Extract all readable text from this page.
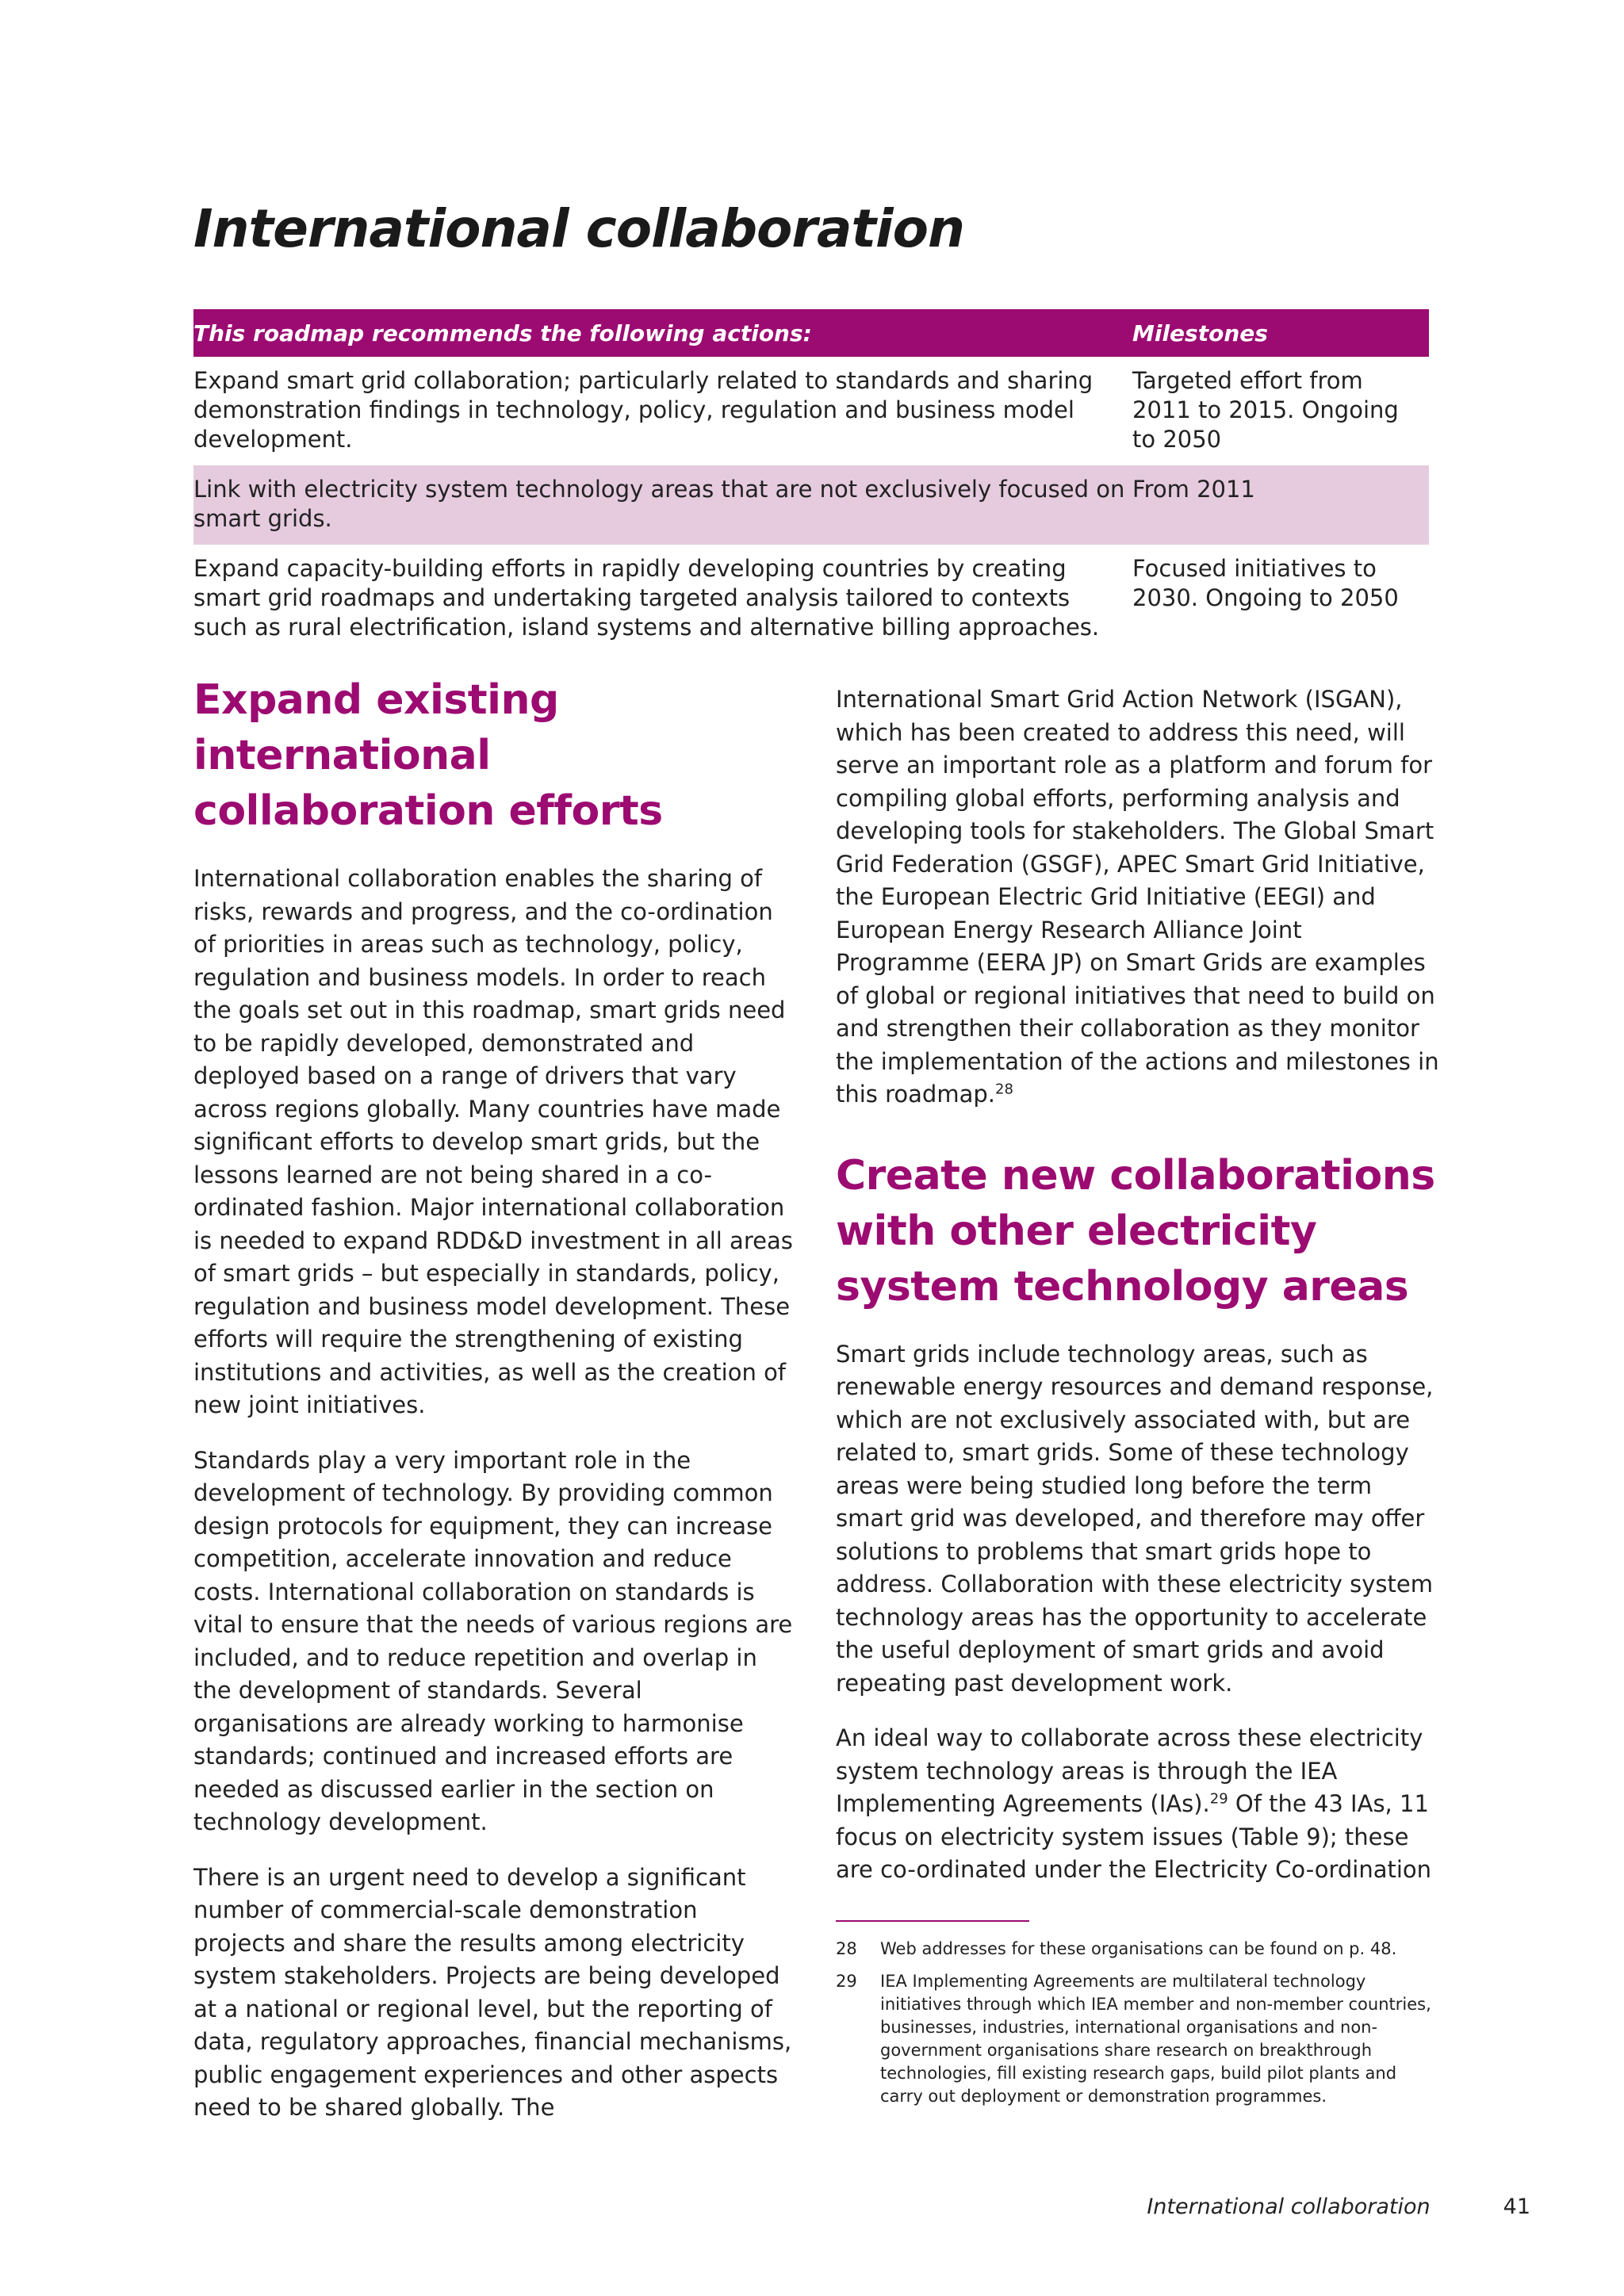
International collaboration
This roadmap recommends the following actions:	Milestones
Expand smart grid collaboration; particularly related to standards and sharing demonstration findings in technology, policy, regulation and business model development.	Targeted effort from 2011 to 2015. Ongoing to 2050
Link with electricity system technology areas that are not exclusively focused on smart grids.	From 2011
Expand capacity-building efforts in rapidly developing countries by creating smart grid roadmaps and undertaking targeted analysis tailored to contexts such as rural electrification, island systems and alternative billing approaches.	Focused initiatives to 2030. Ongoing to 2050
Expand existing international collaboration efforts

International collaboration enables the sharing of risks, rewards and progress, and the co-ordination of priorities in areas such as technology, policy, regulation and business models. In order to reach the goals set out in this roadmap, smart grids need to be rapidly developed, demonstrated and deployed based on a range of drivers that vary across regions globally. Many countries have made significant efforts to develop smart grids, but the lessons learned are not being shared in a co-ordinated fashion. Major international collaboration is needed to expand RDD&D investment in all areas of smart grids – but especially in standards, policy, regulation and business model development. These efforts will require the strengthening of existing institutions and activities, as well as the creation of new joint initiatives.

Standards play a very important role in the development of technology. By providing common design protocols for equipment, they can increase competition, accelerate innovation and reduce costs. International collaboration on standards is vital to ensure that the needs of various regions are included, and to reduce repetition and overlap in the development of standards. Several organisations are already working to harmonise standards; continued and increased efforts are needed as discussed earlier in the section on technology development.

There is an urgent need to develop a significant number of commercial-scale demonstration projects and share the results among electricity system stakeholders. Projects are being developed at a national or regional level, but the reporting of data, regulatory approaches, financial mechanisms, public engagement experiences and other aspects need to be shared globally. The

International Smart Grid Action Network (ISGAN), which has been created to address this need, will serve an important role as a platform and forum for compiling global efforts, performing analysis and developing tools for stakeholders. The Global Smart Grid Federation (GSGF), APEC Smart Grid Initiative, the European Electric Grid Initiative (EEGI) and European Energy Research Alliance Joint Programme (EERA JP) on Smart Grids are examples of global or regional initiatives that need to build on and strengthen their collaboration as they monitor the implementation of the actions and milestones in this roadmap.$^{28}$

Create new collaborations with other electricity system technology areas

Smart grids include technology areas, such as renewable energy resources and demand response, which are not exclusively associated with, but are related to, smart grids. Some of these technology areas were being studied long before the term smart grid was developed, and therefore may offer solutions to problems that smart grids hope to address. Collaboration with these electricity system technology areas has the opportunity to accelerate the useful deployment of smart grids and avoid repeating past development work.

An ideal way to collaborate across these electricity system technology areas is through the IEA Implementing Agreements (IAs).$^{29}$ Of the 43 IAs, 11 focus on electricity system issues (Table 9); these are co-ordinated under the Electricity Co-ordination

28	Web addresses for these organisations can be found on p. 48.
29	IEA Implementing Agreements are multilateral technology initiatives through which IEA member and non-member countries, businesses, industries, international organisations and non-government organisations share research on breakthrough technologies, fill existing research gaps, build pilot plants and carry out deployment or demonstration programmes.
International collaboration	41
